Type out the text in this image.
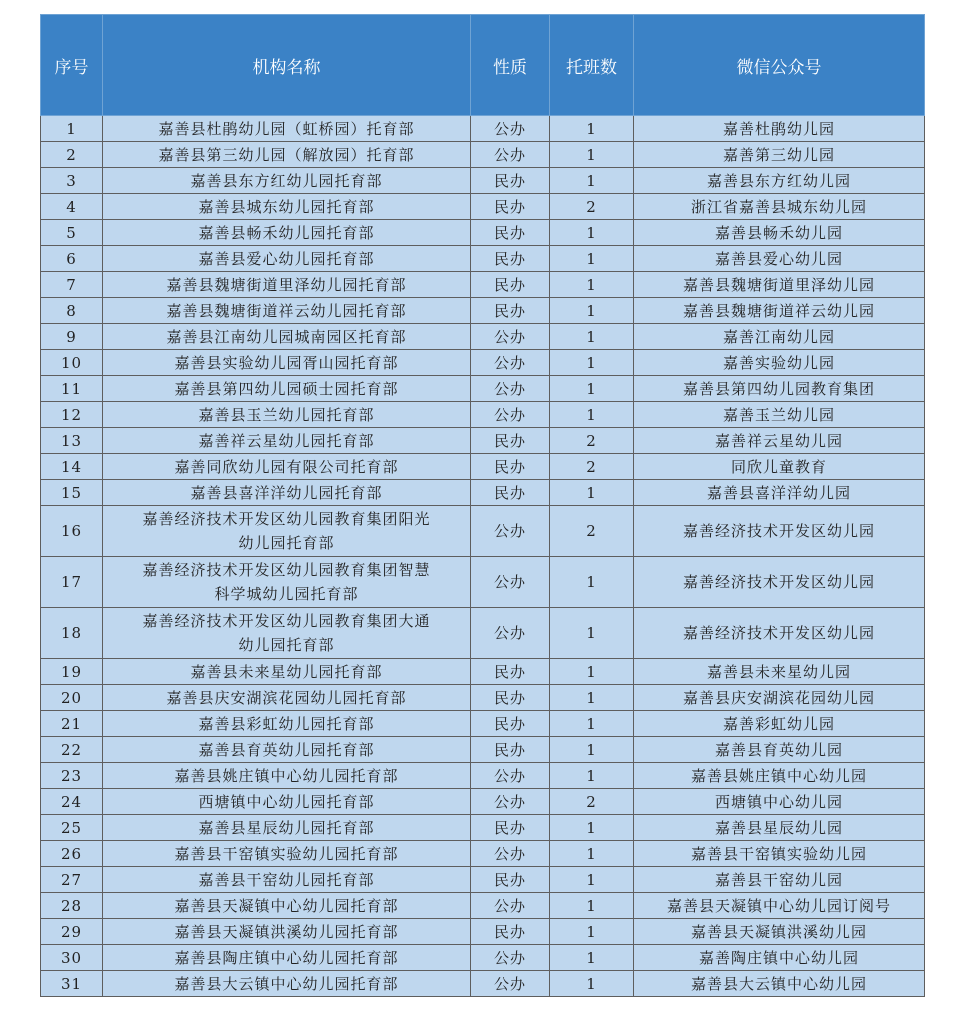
序号	机构名称	性质	托班数	微信公众号
1	嘉善县杜鹃幼儿园（虹桥园）托育部	公办	1	嘉善杜鹃幼儿园
2	嘉善县第三幼儿园（解放园）托育部	公办	1	嘉善第三幼儿园
3	嘉善县东方红幼儿园托育部	民办	1	嘉善县东方红幼儿园
4	嘉善县城东幼儿园托育部	民办	2	浙江省嘉善县城东幼儿园
5	嘉善县畅禾幼儿园托育部	民办	1	嘉善县畅禾幼儿园
6	嘉善县爱心幼儿园托育部	民办	1	嘉善县爱心幼儿园
7	嘉善县魏塘街道里泽幼儿园托育部	民办	1	嘉善县魏塘街道里泽幼儿园
8	嘉善县魏塘街道祥云幼儿园托育部	民办	1	嘉善县魏塘街道祥云幼儿园
9	嘉善县江南幼儿园城南园区托育部	公办	1	嘉善江南幼儿园
10	嘉善县实验幼儿园胥山园托育部	公办	1	嘉善实验幼儿园
11	嘉善县第四幼儿园硕士园托育部	公办	1	嘉善县第四幼儿园教育集团
12	嘉善县玉兰幼儿园托育部	公办	1	嘉善玉兰幼儿园
13	嘉善祥云星幼儿园托育部	民办	2	嘉善祥云星幼儿园
14	嘉善同欣幼儿园有限公司托育部	民办	2	同欣儿童教育
15	嘉善县喜洋洋幼儿园托育部	民办	1	嘉善县喜洋洋幼儿园
16	嘉善经济技术开发区幼儿园教育集团阳光
幼儿园托育部	公办	2	嘉善经济技术开发区幼儿园
17	嘉善经济技术开发区幼儿园教育集团智慧
科学城幼儿园托育部	公办	1	嘉善经济技术开发区幼儿园
18	嘉善经济技术开发区幼儿园教育集团大通
幼儿园托育部	公办	1	嘉善经济技术开发区幼儿园
19	嘉善县未来星幼儿园托育部	民办	1	嘉善县未来星幼儿园
20	嘉善县庆安湖滨花园幼儿园托育部	民办	1	嘉善县庆安湖滨花园幼儿园
21	嘉善县彩虹幼儿园托育部	民办	1	嘉善彩虹幼儿园
22	嘉善县育英幼儿园托育部	民办	1	嘉善县育英幼儿园
23	嘉善县姚庄镇中心幼儿园托育部	公办	1	嘉善县姚庄镇中心幼儿园
24	西塘镇中心幼儿园托育部	公办	2	西塘镇中心幼儿园
25	嘉善县星辰幼儿园托育部	民办	1	嘉善县星辰幼儿园
26	嘉善县干窑镇实验幼儿园托育部	公办	1	嘉善县干窑镇实验幼儿园
27	嘉善县干窑幼儿园托育部	民办	1	嘉善县干窑幼儿园
28	嘉善县天凝镇中心幼儿园托育部	公办	1	嘉善县天凝镇中心幼儿园订阅号
29	嘉善县天凝镇洪溪幼儿园托育部	民办	1	嘉善县天凝镇洪溪幼儿园
30	嘉善县陶庄镇中心幼儿园托育部	公办	1	嘉善陶庄镇中心幼儿园
31	嘉善县大云镇中心幼儿园托育部	公办	1	嘉善县大云镇中心幼儿园
